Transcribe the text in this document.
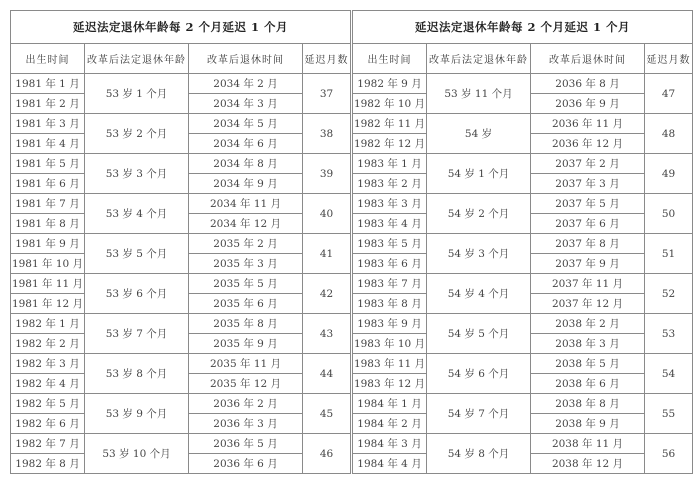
延迟法定退休年龄每 2 个月延迟 1 个月			
出生时间	改革后法定退休年龄	改革后退休时间	延迟月数
1981 年 1 月	53 岁 1 个月	2034 年 2 月	37
1981 年 2 月		2034 年 3 月	
1981 年 3 月	53 岁 2 个月	2034 年 5 月	38
1981 年 4 月		2034 年 6 月	
1981 年 5 月	53 岁 3 个月	2034 年 8 月	39
1981 年 6 月		2034 年 9 月	
1981 年 7 月	53 岁 4 个月	2034 年 11 月	40
1981 年 8 月		2034 年 12 月	
1981 年 9 月	53 岁 5 个月	2035 年 2 月	41
1981 年 10 月		2035 年 3 月	
1981 年 11 月	53 岁 6 个月	2035 年 5 月	42
1981 年 12 月		2035 年 6 月	
1982 年 1 月	53 岁 7 个月	2035 年 8 月	43
1982 年 2 月		2035 年 9 月	
1982 年 3 月	53 岁 8 个月	2035 年 11 月	44
1982 年 4 月		2035 年 12 月	
1982 年 5 月	53 岁 9 个月	2036 年 2 月	45
1982 年 6 月		2036 年 3 月	
1982 年 7 月	53 岁 10 个月	2036 年 5 月	46
1982 年 8 月		2036 年 6 月	
延迟法定退休年龄每 2 个月延迟 1 个月			
出生时间	改革后法定退休年龄	改革后退休时间	延迟月数
1982 年 9 月	53 岁 11 个月	2036 年 8 月	47
1982 年 10 月		2036 年 9 月	
1982 年 11 月	54 岁	2036 年 11 月	48
1982 年 12 月		2036 年 12 月	
1983 年 1 月	54 岁 1 个月	2037 年 2 月	49
1983 年 2 月		2037 年 3 月	
1983 年 3 月	54 岁 2 个月	2037 年 5 月	50
1983 年 4 月		2037 年 6 月	
1983 年 5 月	54 岁 3 个月	2037 年 8 月	51
1983 年 6 月		2037 年 9 月	
1983 年 7 月	54 岁 4 个月	2037 年 11 月	52
1983 年 8 月		2037 年 12 月	
1983 年 9 月	54 岁 5 个月	2038 年 2 月	53
1983 年 10 月		2038 年 3 月	
1983 年 11 月	54 岁 6 个月	2038 年 5 月	54
1983 年 12 月		2038 年 6 月	
1984 年 1 月	54 岁 7 个月	2038 年 8 月	55
1984 年 2 月		2038 年 9 月	
1984 年 3 月	54 岁 8 个月	2038 年 11 月	56
1984 年 4 月		2038 年 12 月	
